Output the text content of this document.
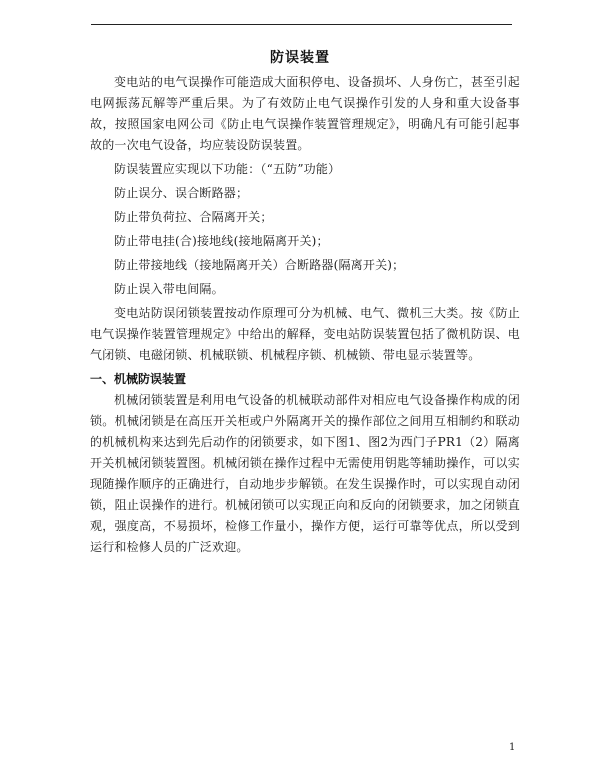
防误装置

变电站的电气误操作可能造成大面积停电、设备损坏、人身伤亡，甚至引起电网振荡瓦解等严重后果。为了有效防止电气误操作引发的人身和重大设备事故，按照国家电网公司《防止电气误操作装置管理规定》，明确凡有可能引起事故的一次电气设备，均应装设防误装置。

防误装置应实现以下功能：（“五防”功能）

防止误分、误合断路器；

防止带负荷拉、合隔离开关；

防止带电挂(合)接地线(接地隔离开关)；

防止带接地线（接地隔离开关）合断路器(隔离开关)；

防止误入带电间隔。

变电站防误闭锁装置按动作原理可分为机械、电气、微机三大类。按《防止电气误操作装置管理规定》中给出的解释，变电站防误装置包括了微机防误、电气闭锁、电磁闭锁、机械联锁、机械程序锁、机械锁、带电显示装置等。

一、机械防误装置

机械闭锁装置是利用电气设备的机械联动部件对相应电气设备操作构成的闭锁。机械闭锁是在高压开关柜或户外隔离开关的操作部位之间用互相制约和联动的机械机构来达到先后动作的闭锁要求，如下图1、图2为西门子PR1（2）隔离开关机械闭锁装置图。机械闭锁在操作过程中无需使用钥匙等辅助操作，可以实现随操作顺序的正确进行，自动地步步解锁。在发生误操作时，可以实现自动闭锁，阻止误操作的进行。机械闭锁可以实现正向和反向的闭锁要求，加之闭锁直观，强度高，不易损坏，检修工作量小，操作方便，运行可靠等优点，所以受到运行和检修人员的广泛欢迎。

1
